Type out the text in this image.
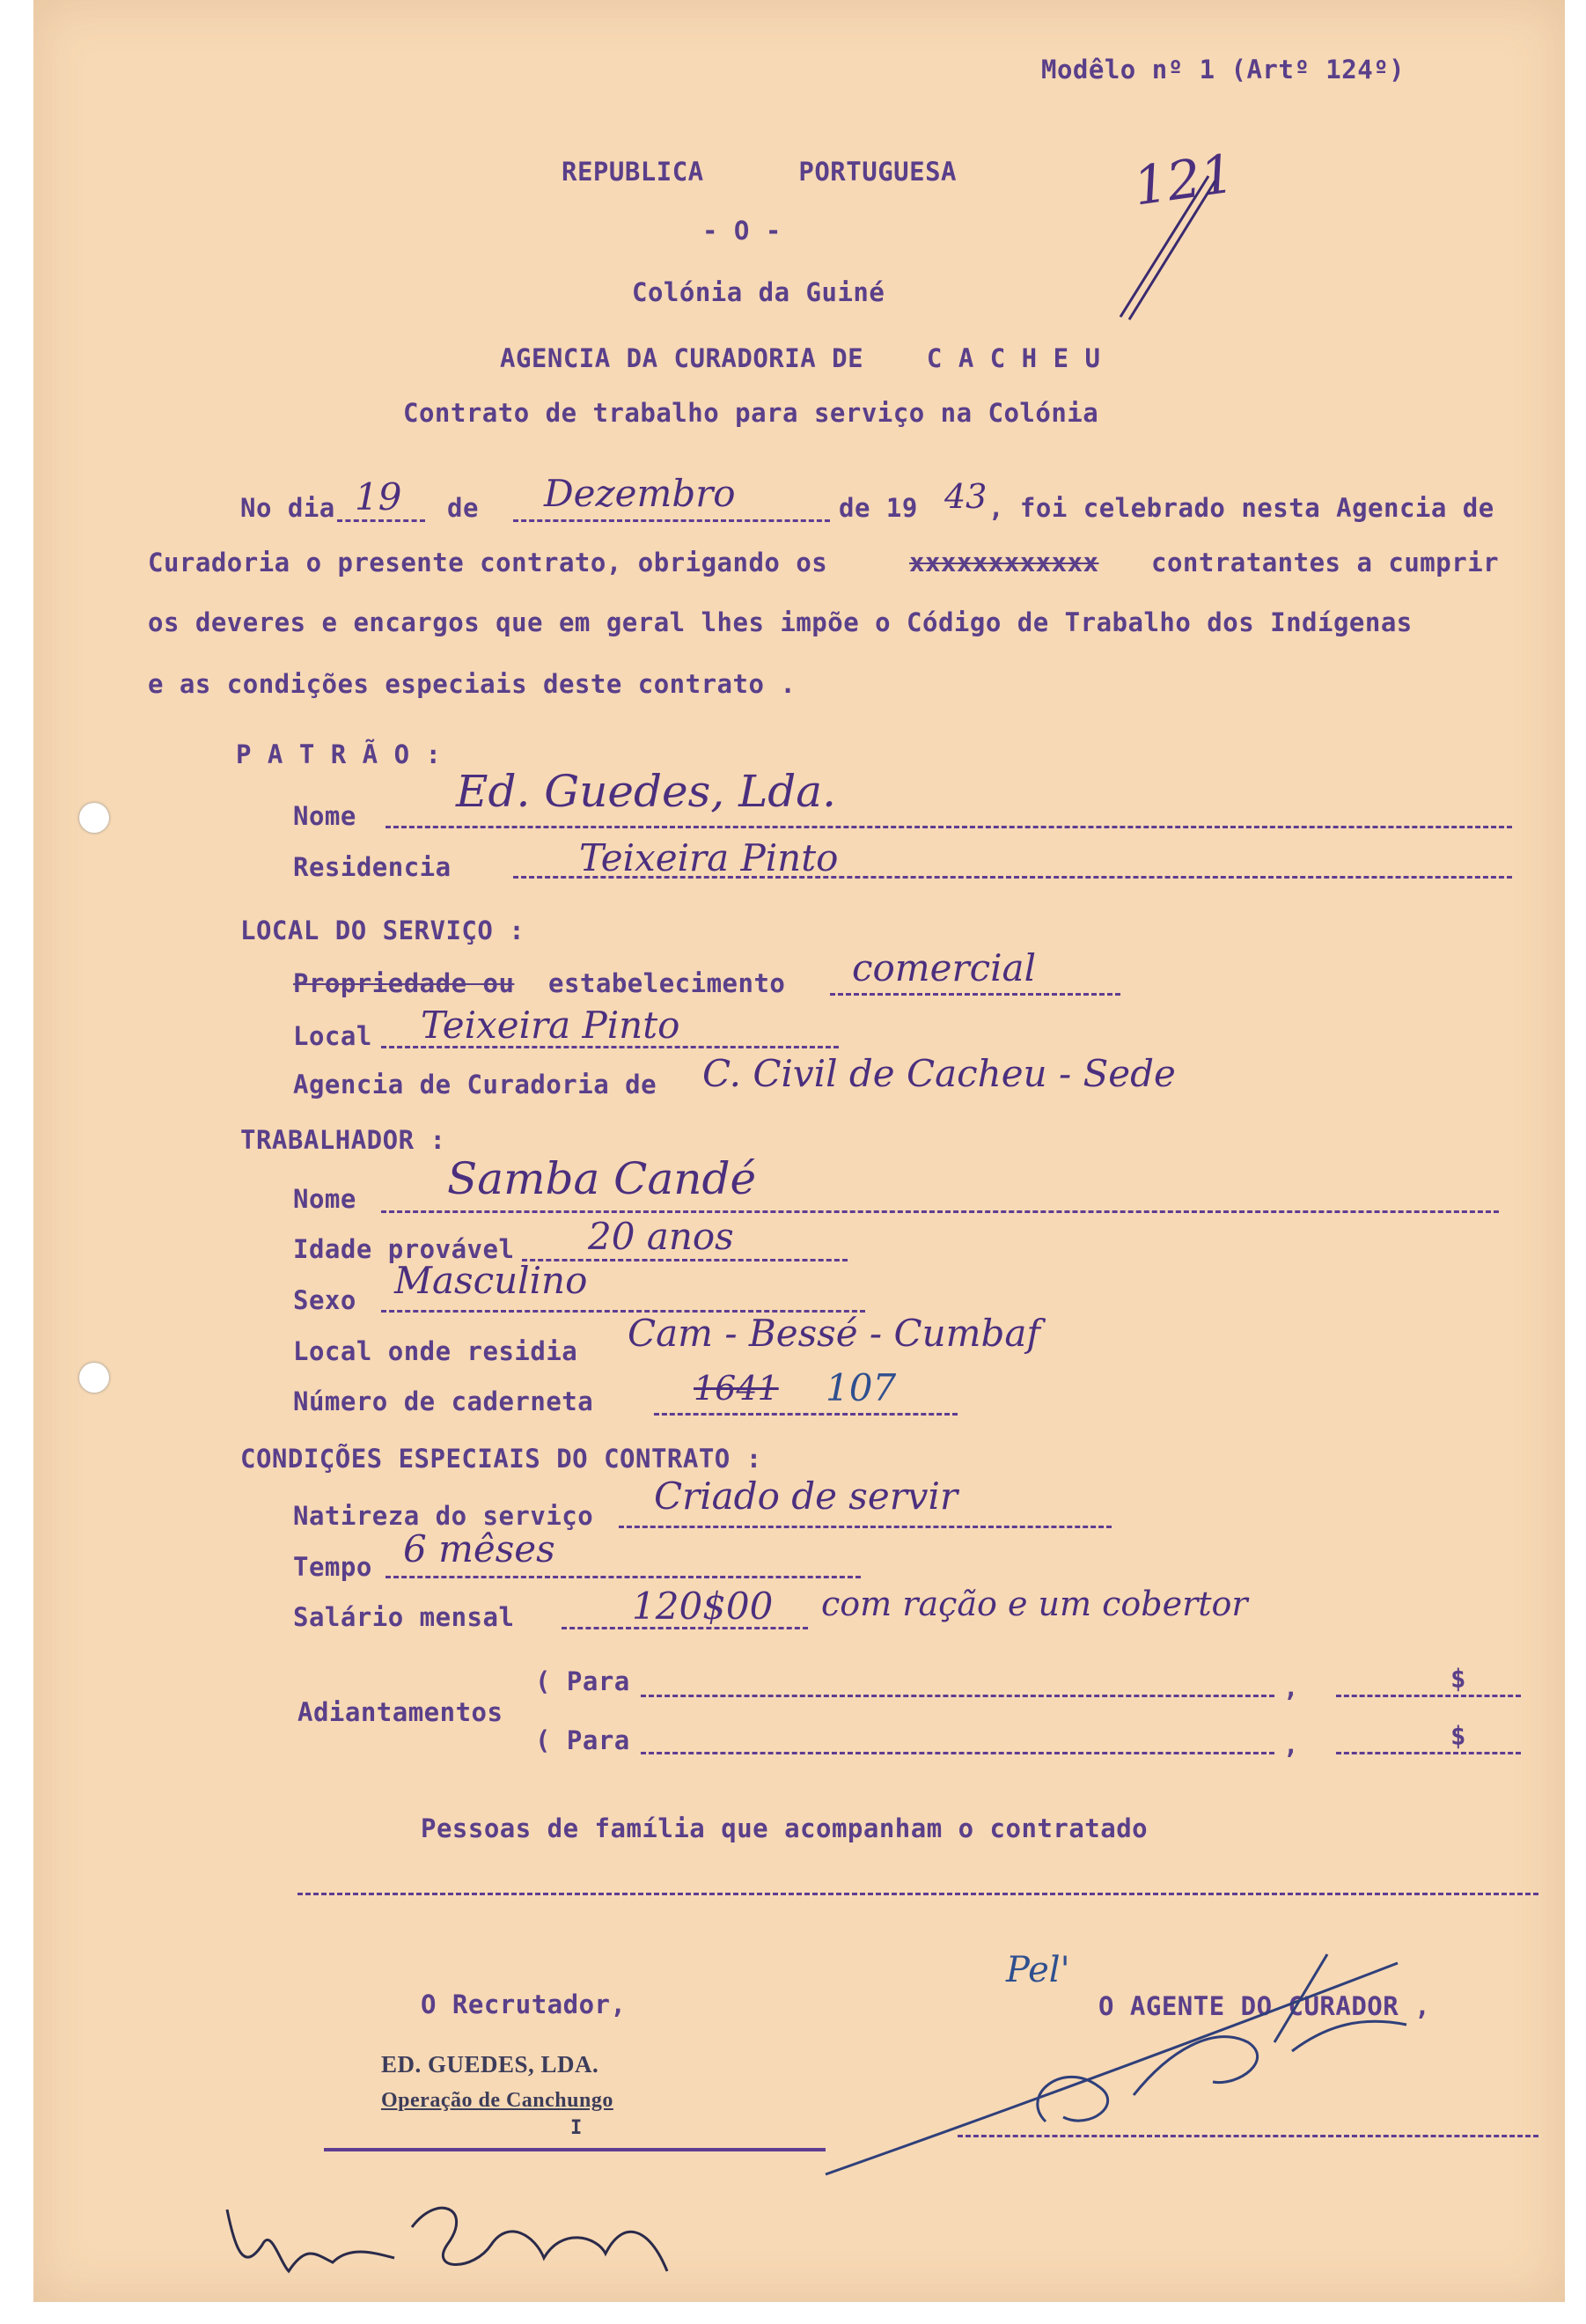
Modêlo nº 1 (Artº 124º)
REPUBLICA      PORTUGUESA
- O -
Colónia da Guiné
AGENCIA DA CURADORIA DE    C A C H E U
Contrato de trabalho para serviço na Colónia
121
No dia 19 de Dezembro	de 19 43 , foi celebrado nesta Agencia de
Curadoria o presente contrato, obrigando os	xxxxxxxxxxxx contratantes a cumprir
os deveres e encargos que em geral lhes impõe o Código de Trabalho dos Indígenas
e as condições especiais deste contrato .
P A T R Ã O :
Nome Ed. Guedes, Lda.
Residencia	Teixeira Pinto
LOCAL DO SERVIÇO :
Propriedade ou estabelecimento comercial
Local Teixeira Pinto
Agencia de Curadoria de C. Civil de Cacheu - Sede
TRABALHADOR :
Nome Samba Candé
Idade provável 20 anos
Sexo Masculino
Local onde residia Cam - Bessé - Cumbaf
Número de caderneta	1641 107
CONDIÇÕES ESPECIAIS DO CONTRATO :
Natireza do serviço Criado de servir
Tempo 6 mêses
Salário mensal	120$00 com ração e um cobertor
Adiantamentos
( Para	,	$
( Para	,	$
Pessoas de família que acompanham o contratado
O Recrutador,
ED. GUEDES, LDA.
Operação de Canchungo
I
Pel'
O AGENTE DO CURADOR ,
